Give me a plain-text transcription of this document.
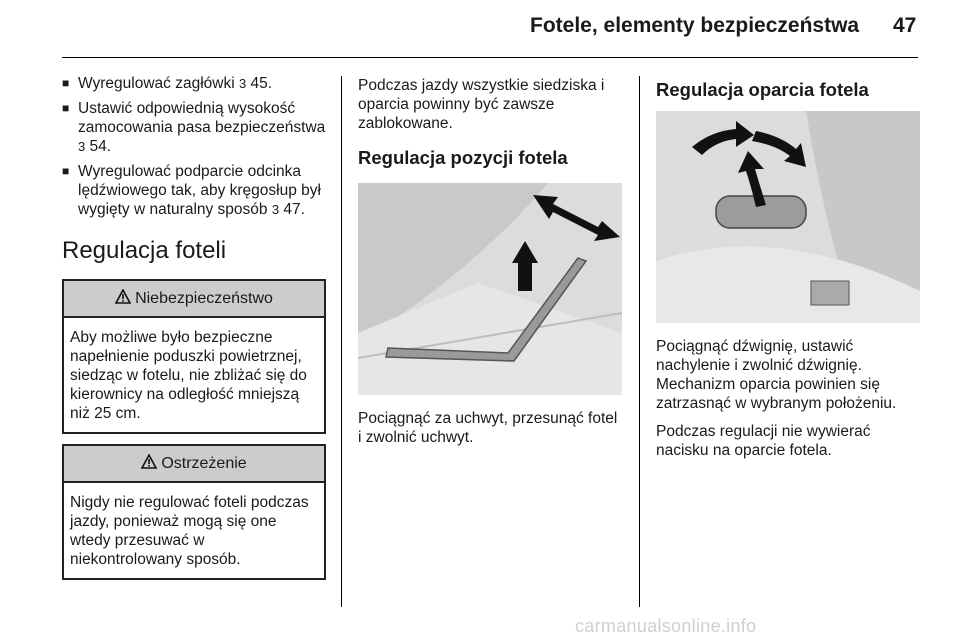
Fotele, elementy bezpieczeństwa 47
■ Wyregulować zagłówki 3 45.
■ Ustawić odpowiednią wysokość zamocowania pasa bezpieczeństwa 3 54.
■ Wyregulować podparcie odcinka lędźwiowego tak, aby kręgosłup był wygięty w naturalny sposób 3 47.
Regulacja foteli
Niebezpieczeństwo
Aby możliwe było bezpieczne napełnienie poduszki powietrznej, siedząc w fotelu, nie zbliżać się do kierownicy na odległość mniejszą niż 25 cm.
Ostrzeżenie
Nigdy nie regulować foteli podczas jazdy, ponieważ mogą się one wtedy przesuwać w niekontrolowany sposób.

Podczas jazdy wszystkie siedziska i oparcia powinny być zawsze zablokowane.

Regulacja pozycji fotela

Pociągnąć za uchwyt, przesunąć fotel i zwolnić uchwyt.

Regulacja oparcia fotela

Pociągnąć dźwignię, ustawić nachylenie i zwolnić dźwignię. Mechanizm oparcia powinien się zatrzasnąć w wybranym położeniu.

Podczas regulacji nie wywierać nacisku na oparcie fotela.

carmanualsonline.info
